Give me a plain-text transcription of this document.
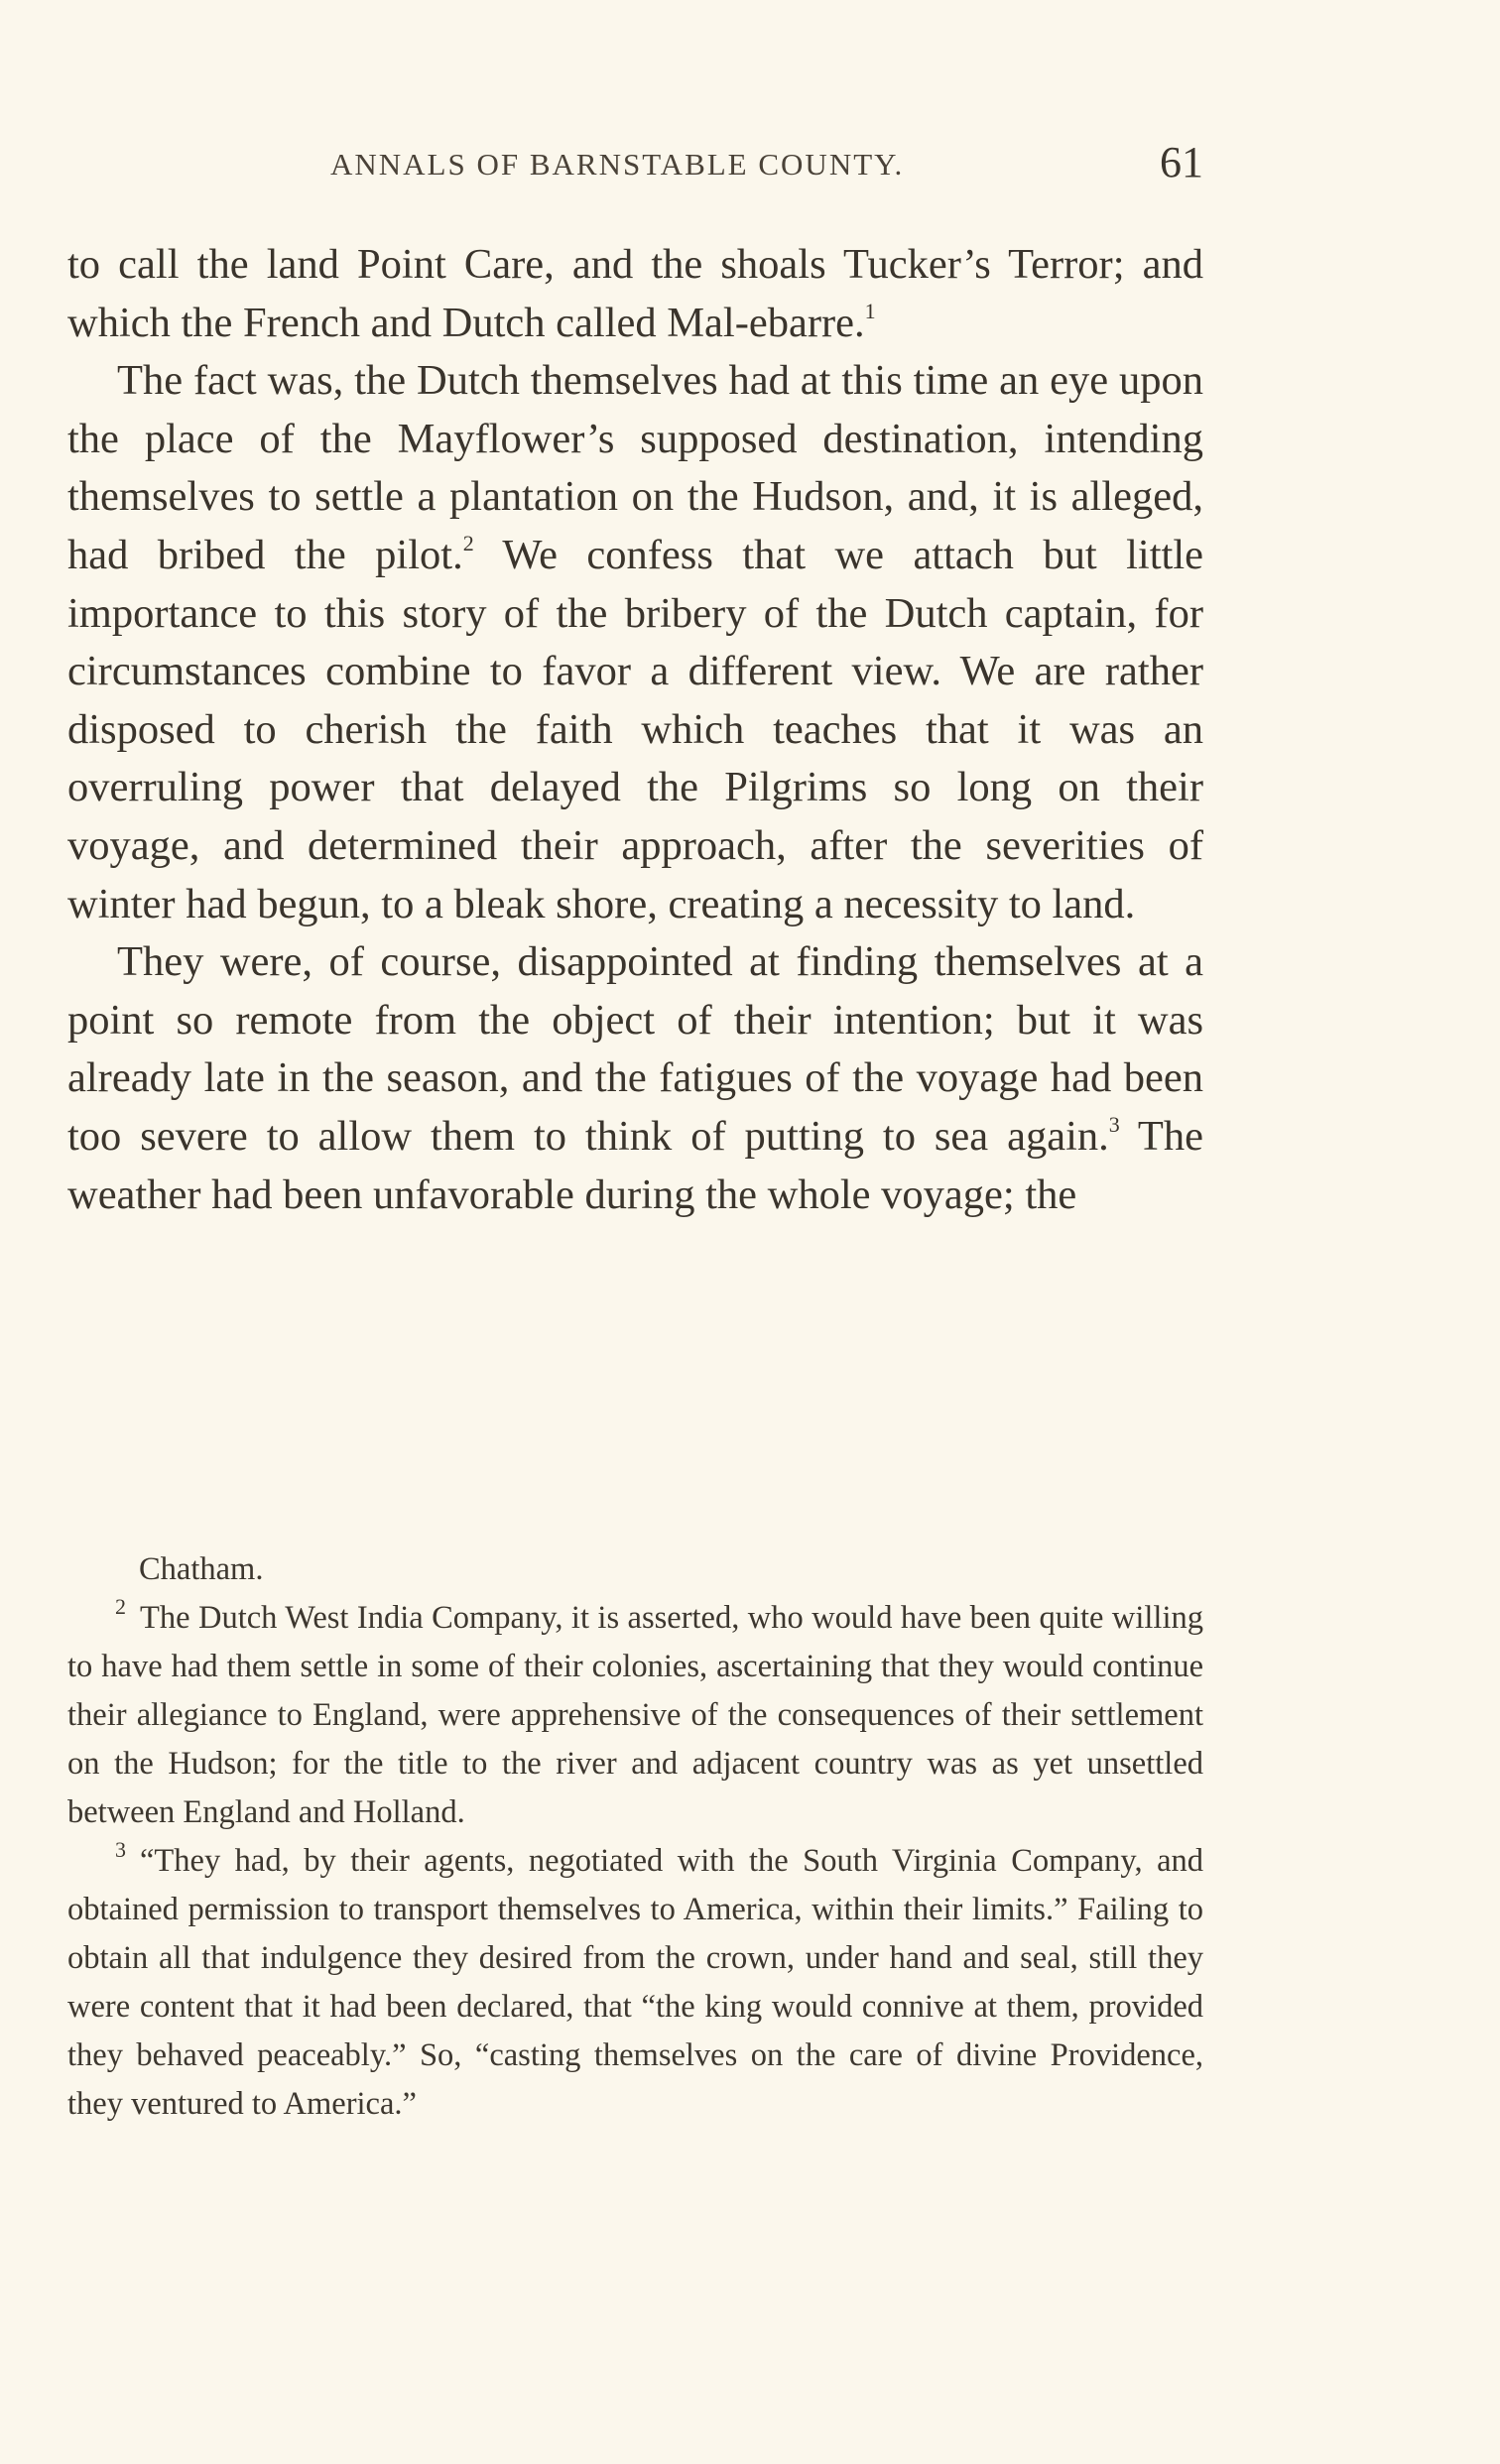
ANNALS OF BARNSTABLE COUNTY.	61

to call the land Point Care, and the shoals Tucker’s Terror; and which the French and Dutch called Mal-ebarre.$^1$

The fact was, the Dutch themselves had at this time an eye upon the place of the Mayflower’s supposed destination, intending themselves to settle a plantation on the Hudson, and, it is alleged, had bribed the pilot.$^2$ We confess that we attach but little importance to this story of the bribery of the Dutch captain, for circumstances combine to favor a different view. We are rather disposed to cherish the faith which teaches that it was an overruling power that delayed the Pilgrims so long on their voyage, and determined their approach, after the severities of winter had begun, to a bleak shore, creating a necessity to land.

They were, of course, disappointed at finding themselves at a point so remote from the object of their intention; but it was already late in the season, and the fatigues of the voyage had been too severe to allow them to think of putting to sea again.$^3$ The weather had been unfavorable during the whole voyage; the

Chatham.

$^2$ The Dutch West India Company, it is asserted, who would have been quite willing to have had them settle in some of their colonies, ascertaining that they would continue their allegiance to England, were apprehensive of the consequences of their settlement on the Hudson; for the title to the river and adjacent country was as yet unsettled between England and Holland.

$^3$ “They had, by their agents, negotiated with the South Virginia Company, and obtained permission to transport themselves to America, within their limits.” Failing to obtain all that indulgence they desired from the crown, under hand and seal, still they were content that it had been declared, that “the king would connive at them, provided they behaved peaceably.” So, “casting themselves on the care of divine Providence, they ventured to America.”
